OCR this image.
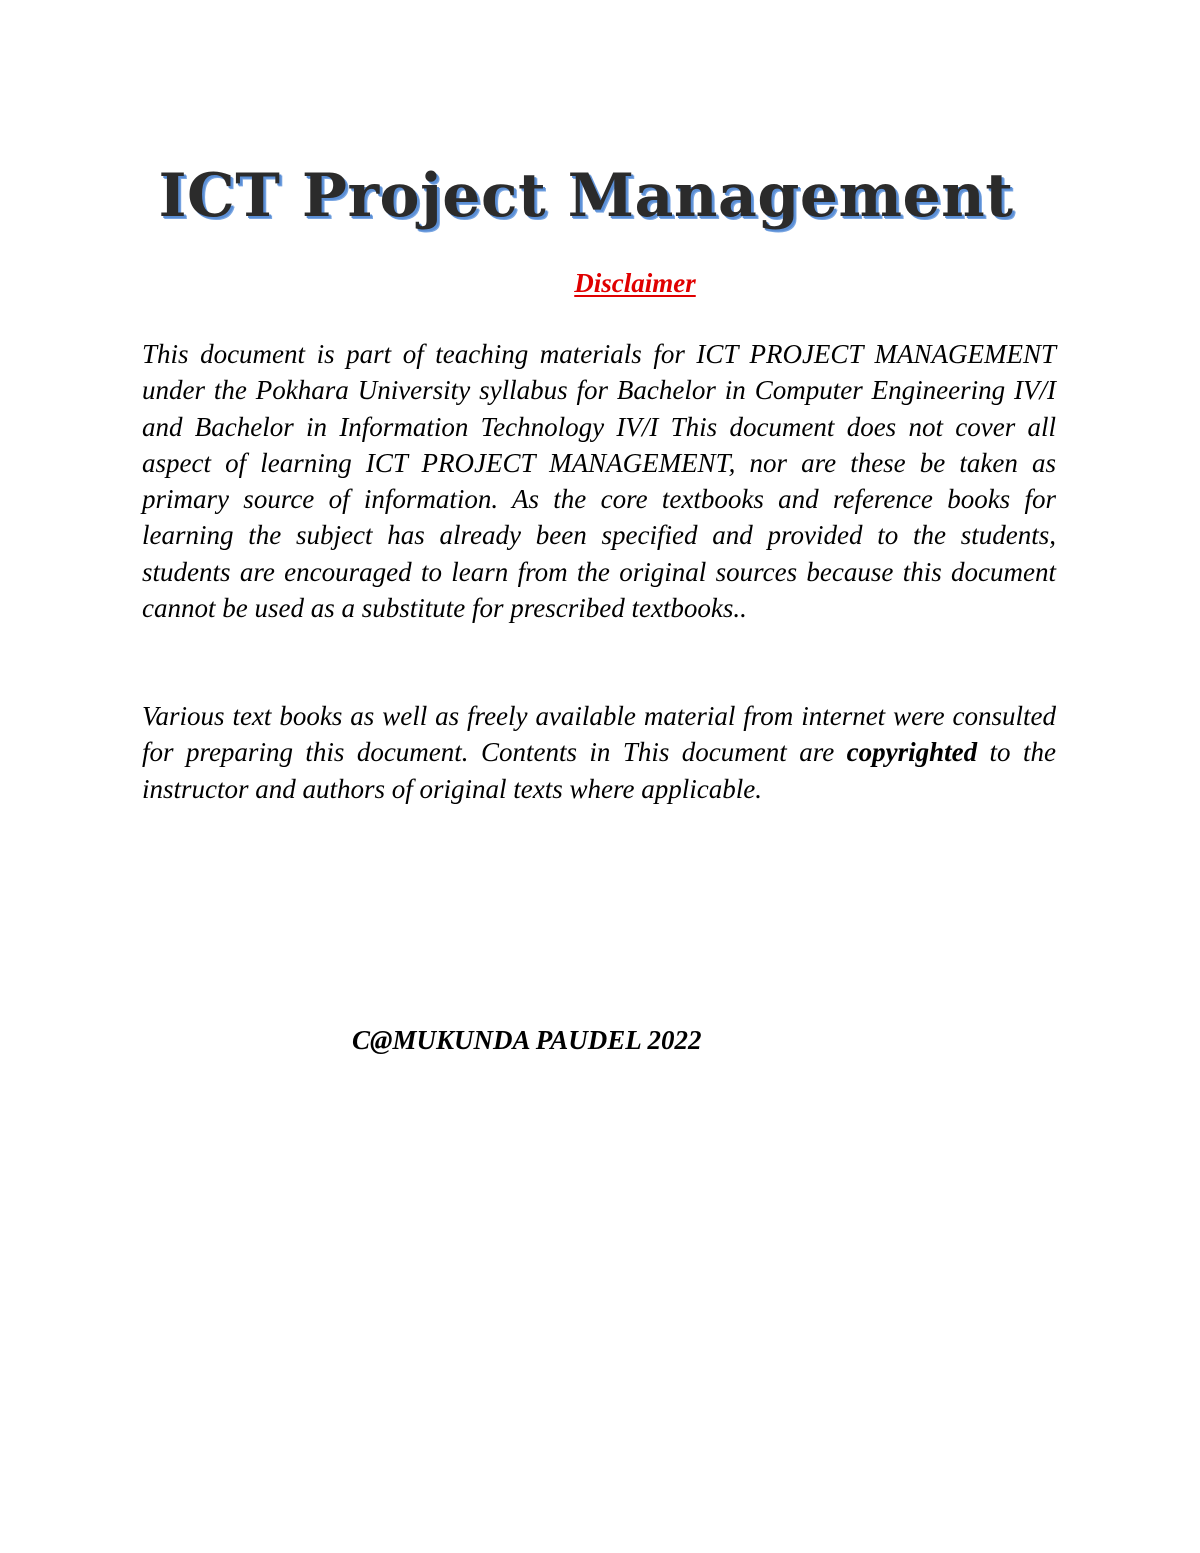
ICT Project Management
Disclaimer

This document is part of teaching materials for ICT PROJECT MANAGEMENT under the Pokhara University syllabus for Bachelor in Computer Engineering IV/I and Bachelor in Information Technology IV/I This document does not cover all aspect of learning ICT PROJECT MANAGEMENT, nor are these be taken as primary source of information. As the core textbooks and reference books for learning the subject has already been specified and provided to the students, students are encouraged to learn from the original sources because this document cannot be used as a substitute for prescribed textbooks..

Various text books as well as freely available material from internet were consulted for preparing this document. Contents in This document are copyrighted to the instructor and authors of original texts where applicable.

C@MUKUNDA PAUDEL 2022
